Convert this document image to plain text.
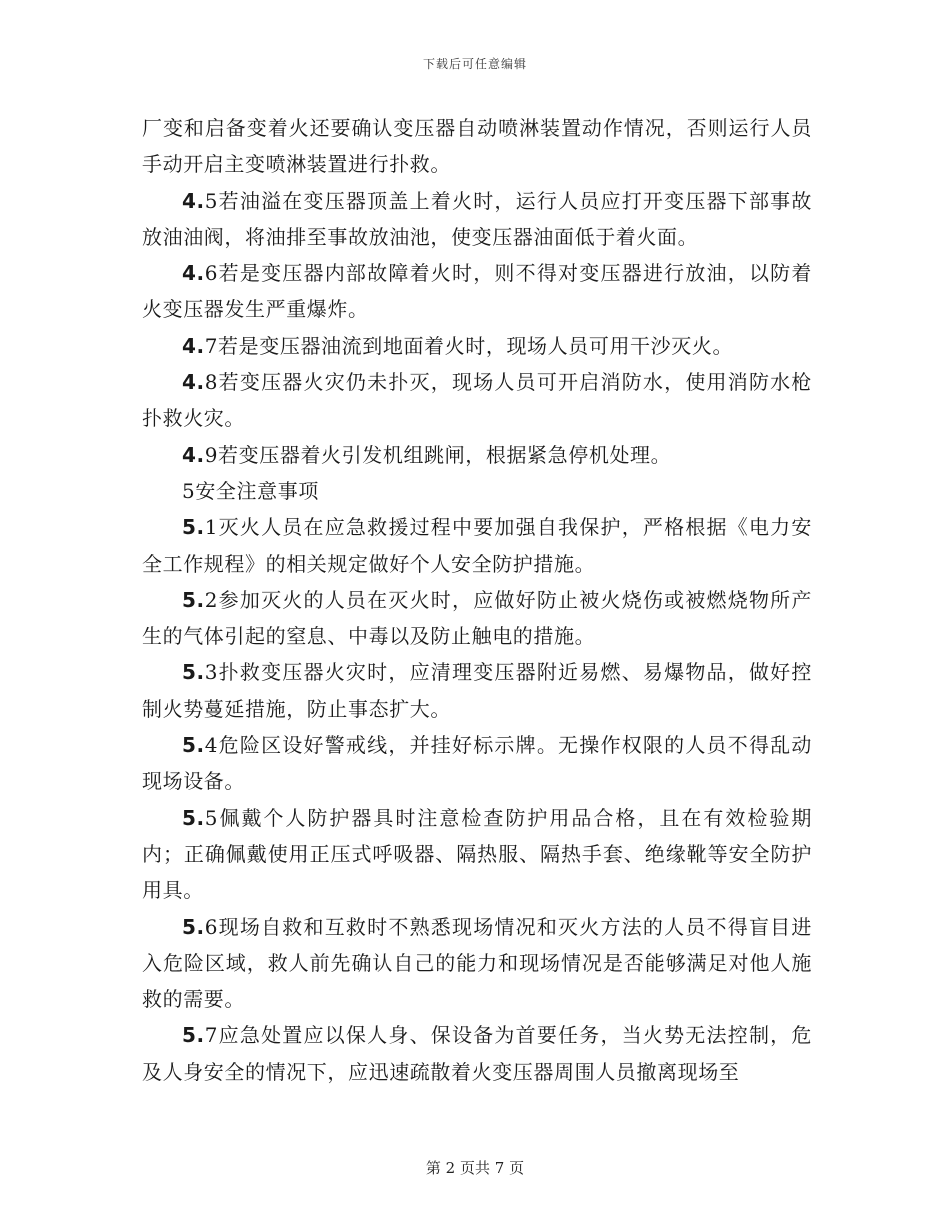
下载后可任意编辑

厂变和启备变着火还要确认变压器自动喷淋装置动作情况，否则运行人员手动开启主变喷淋装置进行扑救。

4.5若油溢在变压器顶盖上着火时，运行人员应打开变压器下部事故放油油阀，将油排至事故放油池，使变压器油面低于着火面。

4.6若是变压器内部故障着火时，则不得对变压器进行放油，以防着火变压器发生严重爆炸。

4.7若是变压器油流到地面着火时，现场人员可用干沙灭火。

4.8若变压器火灾仍未扑灭，现场人员可开启消防水，使用消防水枪扑救火灾。

4.9若变压器着火引发机组跳闸，根据紧急停机处理。

5安全注意事项

5.1灭火人员在应急救援过程中要加强自我保护，严格根据《电力安全工作规程》的相关规定做好个人安全防护措施。

5.2参加灭火的人员在灭火时，应做好防止被火烧伤或被燃烧物所产生的气体引起的窒息、中毒以及防止触电的措施。

5.3扑救变压器火灾时，应清理变压器附近易燃、易爆物品，做好控制火势蔓延措施，防止事态扩大。

5.4危险区设好警戒线，并挂好标示牌。无操作权限的人员不得乱动现场设备。

5.5佩戴个人防护器具时注意检查防护用品合格，且在有效检验期内；正确佩戴使用正压式呼吸器、隔热服、隔热手套、绝缘靴等安全防护用具。

5.6现场自救和互救时不熟悉现场情况和灭火方法的人员不得盲目进入危险区域，救人前先确认自己的能力和现场情况是否能够满足对他人施救的需要。

5.7应急处置应以保人身、保设备为首要任务，当火势无法控制，危及人身安全的情况下，应迅速疏散着火变压器周围人员撤离现场至

第 2 页共 7 页
